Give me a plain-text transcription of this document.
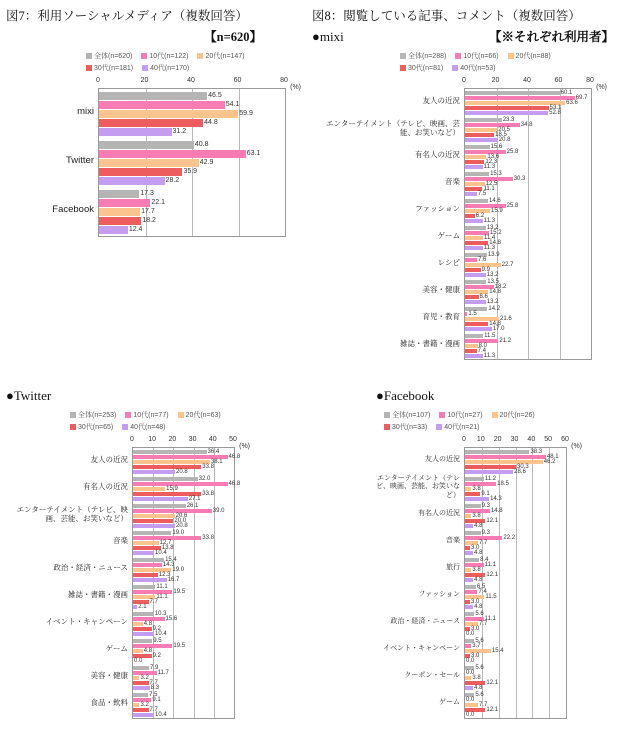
図7：利用ソーシャルメディア（複数回答）
【n=620】
全体(n=620) 10代(n=122) 20代(n=147)
30代(n=181) 40代(n=170)
0	20	40	60	80
(%)
mixi
Twitter
Facebook
46.5
54.1
59.9
44.8
31.2
40.8
63.1
42.9
35.9
28.2
17.3
22.1
17.7
18.2
12.4
図8：閲覧している記事、コメント（複数回答）
●mixi	【※それぞれ利用者】
全体(n=288) 10代(n=66) 20代(n=88)
30代(n=81) 40代(n=53)
0	20	40	60	80
(%)
友人の近況
エンターテイメント（テレビ、映画、芸能、お笑いなど）
有名人の近況
音楽
ファッション
ゲーム
レシピ
美容・健康
育児・教育
雑誌・書籍・漫画
60.1
69.7
63.6
53.1
52.8
23.3
34.8
20.5
18.5
20.8
15.6
25.8
13.6
12.3
11.3
15.3
30.3
12.5
11.1
7.5
14.6
25.8
15.9
6.2
11.3
13.2
15.2
11.4
14.8
11.3
13.9
7.6
22.7
9.9
13.2
13.5
18.2
14.8
8.6
13.2
14.2
1.5
21.6
14.8
17.0
11.5
21.2
8.0
7.4
11.3
●Twitter
全体(n=253) 10代(n=77) 20代(n=63)
30代(n=65) 40代(n=48)
0 10 20 30 40 50
(%)
友人の近況
有名人の近況
エンターテイメント（テレビ、映画、芸能、お笑いなど）
音楽
政治・経済・ニュース
雑誌・書籍・漫画
イベント・キャンペーン
ゲーム
美容・健康
食品・飲料
36.4
46.8
38.1
33.8
20.8
32.0
46.8
15.9
33.8
27.1
26.1
39.0
20.6
20.0
20.8
19.0
33.8
12.7
13.8
10.4
15.4
14.3
19.0
12.3
16.7
11.1
19.5
11.1
7.7
2.1
10.3
15.6
4.8
9.2
10.4
9.5
19.5
4.8
9.2
0.0
7.9
11.7
3.2
7.7
8.3
7.5
9.1
3.2
7.7
10.4
●Facebook
全体(n=107) 10代(n=27) 20代(n=26)
30代(n=33) 40代(n=21)
0 10 20 30 40 50 60
(%)
友人の近況
エンターテイメント（テレビ、映画、芸能、お笑いなど）
有名人の近況
音楽
旅行
ファッション
政治・経済・ニュース
イベント・キャンペーン
クーポン・セール
ゲーム
38.3
48.1
46.2
30.3
28.6
11.2
18.5
3.8
9.1
14.3
9.3
14.8
3.8
12.1
4.8
9.3
22.2
7.7
3.0
4.8
8.4
11.1
3.8
12.1
4.8
6.5
7.4
11.5
3.0
4.8
5.6
11.1
7.7
3.0
0.0
5.6
3.7
15.4
3.0
0.0
5.6
0.0
3.8
12.1
4.8
5.6
0.0
7.7
12.1
0.0
